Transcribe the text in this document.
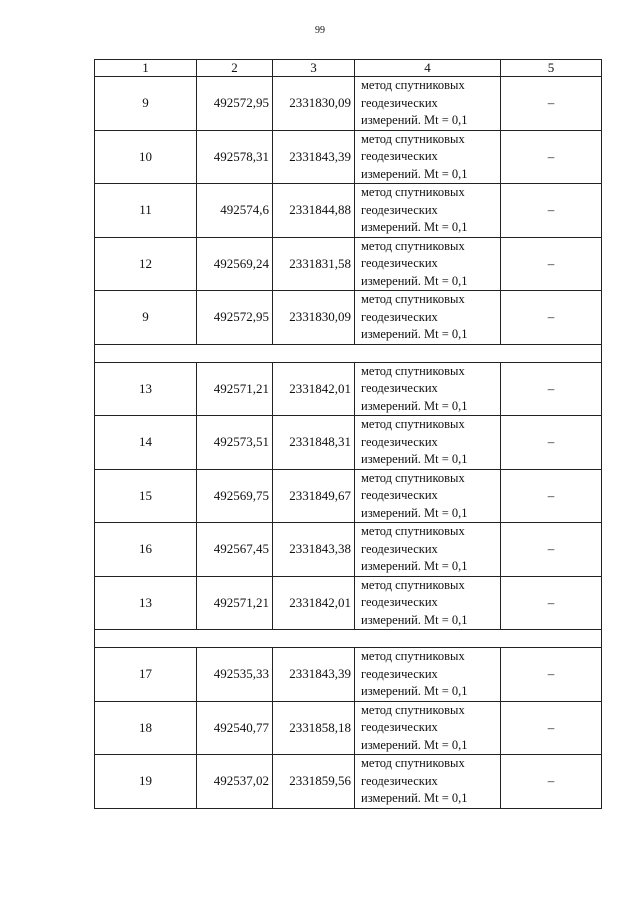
99
1	2	3	4	5
9	492572,95	2331830,09	метод спутниковых
геодезических
измерений. Mt = 0,1	–
10	492578,31	2331843,39	метод спутниковых
геодезических
измерений. Mt = 0,1	–
11	492574,6	2331844,88	метод спутниковых
геодезических
измерений. Mt = 0,1	–
12	492569,24	2331831,58	метод спутниковых
геодезических
измерений. Mt = 0,1	–
9	492572,95	2331830,09	метод спутниковых
геодезических
измерений. Mt = 0,1	–

13	492571,21	2331842,01	метод спутниковых
геодезических
измерений. Mt = 0,1	–
14	492573,51	2331848,31	метод спутниковых
геодезических
измерений. Mt = 0,1	–
15	492569,75	2331849,67	метод спутниковых
геодезических
измерений. Mt = 0,1	–
16	492567,45	2331843,38	метод спутниковых
геодезических
измерений. Mt = 0,1	–
13	492571,21	2331842,01	метод спутниковых
геодезических
измерений. Mt = 0,1	–

17	492535,33	2331843,39	метод спутниковых
геодезических
измерений. Mt = 0,1	–
18	492540,77	2331858,18	метод спутниковых
геодезических
измерений. Mt = 0,1	–
19	492537,02	2331859,56	метод спутниковых
геодезических
измерений. Mt = 0,1	–
